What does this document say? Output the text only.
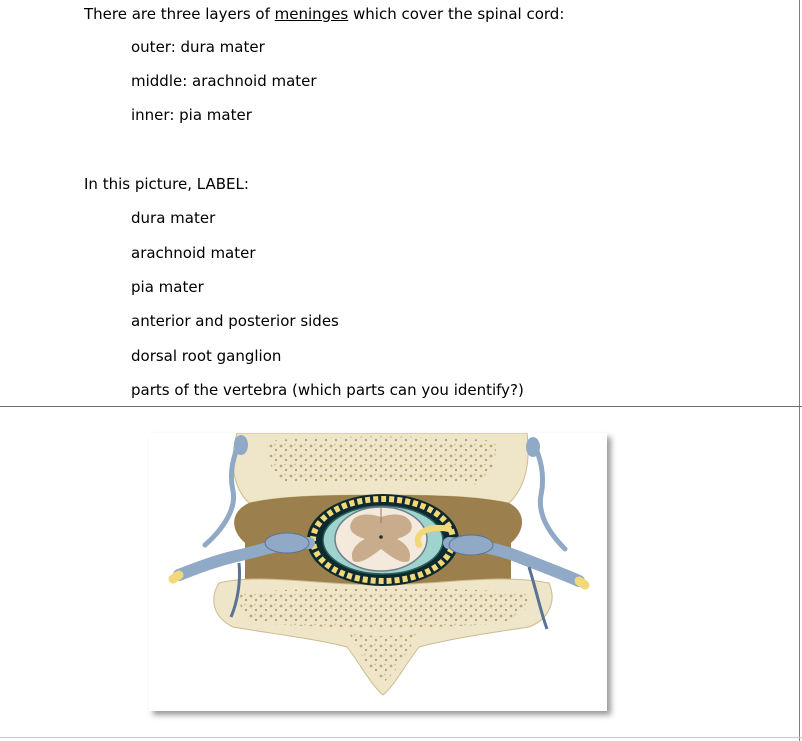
There are three layers of meninges which cover the spinal cord:
outer: dura mater
middle: arachnoid mater
inner: pia mater
In this picture, LABEL:
dura mater
arachnoid mater
pia mater
anterior and posterior sides
dorsal root ganglion
parts of the vertebra (which parts can you identify?)
